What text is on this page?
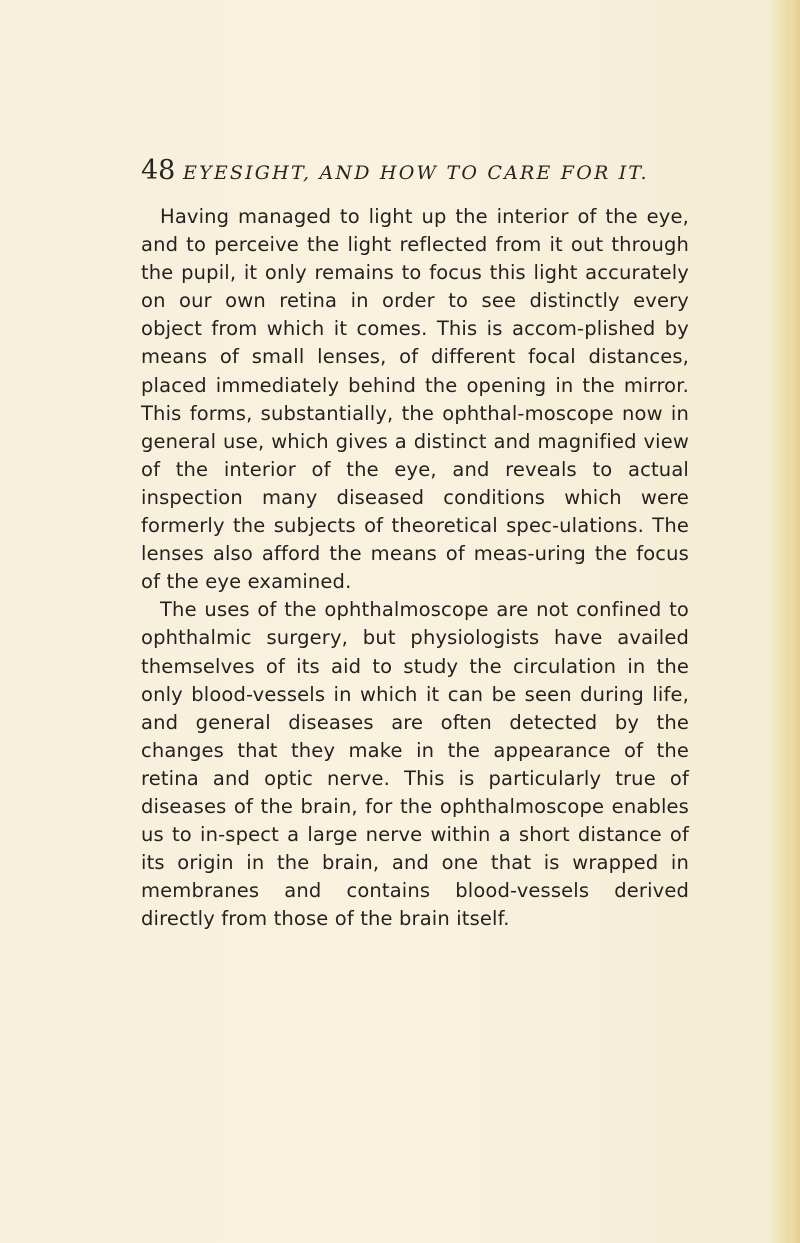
48 EYESIGHT, AND HOW TO CARE FOR IT.

Having managed to light up the interior of the eye, and to perceive the light reflected from it out through the pupil, it only remains to focus this light accurately on our own retina in order to see distinctly every object from which it comes. This is accom-plished by means of small lenses, of different focal distances, placed immediately behind the opening in the mirror. This forms, substantially, the ophthal-moscope now in general use, which gives a distinct and magnified view of the interior of the eye, and reveals to actual inspection many diseased conditions which were formerly the subjects of theoretical spec-ulations. The lenses also afford the means of meas-uring the focus of the eye examined.

The uses of the ophthalmoscope are not confined to ophthalmic surgery, but physiologists have availed themselves of its aid to study the circulation in the only blood-vessels in which it can be seen during life, and general diseases are often detected by the changes that they make in the appearance of the retina and optic nerve. This is particularly true of diseases of the brain, for the ophthalmoscope enables us to in-spect a large nerve within a short distance of its origin in the brain, and one that is wrapped in membranes and contains blood-vessels derived directly from those of the brain itself.
